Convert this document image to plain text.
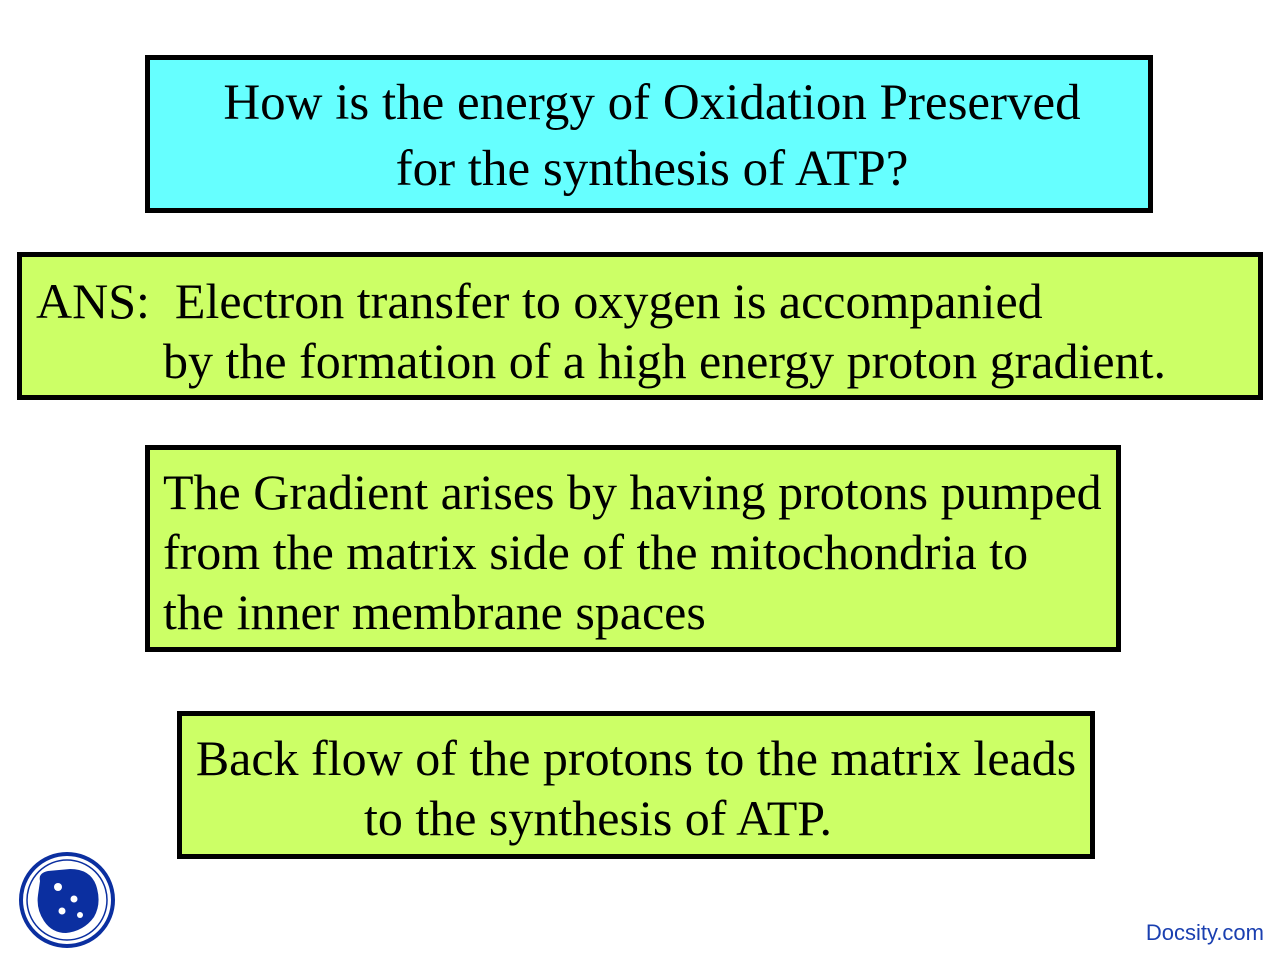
How is the energy of Oxidation Preserved
for the synthesis of ATP?
ANS:  Electron transfer to oxygen is accompanied
by the formation of a high energy proton gradient.
The Gradient arises by having protons pumped
from the matrix side of the mitochondria to
the inner membrane spaces
Back flow of the protons to the matrix leads
to the synthesis of ATP.
Docsity.com
